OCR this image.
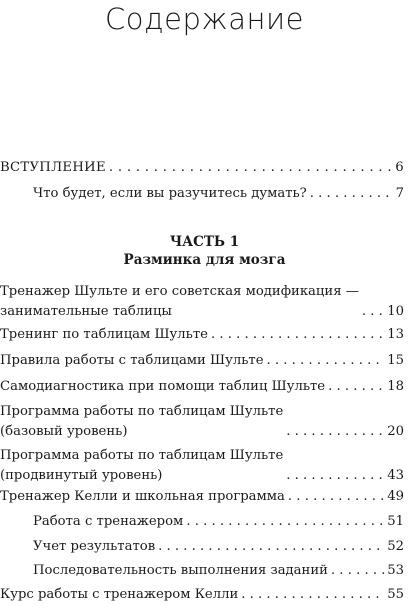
Содержание
ВСТУПЛЕНИЕ . . .	6
Что будет, если вы разучитесь думать? . . .	7
ЧАСТЬ 1
Разминка для мозга
Тренажер Шульте и его советская модификация —
занимательные таблицы . . .	10
Тренинг по таблицам Шульте . . .	13
Правила работы с таблицами Шульте . . .	15
Самодиагностика при помощи таблиц Шульте . . .	18
Программа работы по таблицам Шульте
(базовый уровень) . . .	20
Программа работы по таблицам Шульте
(продвинутый уровень) . . .	43
Тренажер Келли и школьная программа . . .	49
Работа с тренажером . . .	51
Учет результатов . . .	52
Последовательность выполнения заданий . . .	53
Курс работы с тренажером Келли . . .	55
